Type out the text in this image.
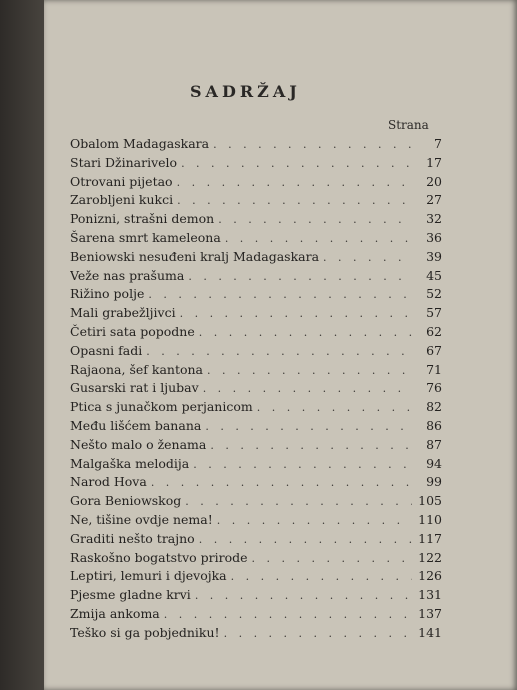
SADRŽAJ
Strana
Obalom Madagaskara . . .	7
Stari Džinarivelo . . .	17
Otrovani pijetao . . .	20
Zarobljeni kukci . . .	27
Ponizni, strašni demon . . .	32
Šarena smrt kameleona . . .	36
Beniowski nesuđeni kralj Madagaskara . . .	39
Veže nas prašuma . . .	45
Rižino polje . . .	52
Mali grabežljivci . . .	57
Četiri sata popodne . . .	62
Opasni fadi . . .	67
Rajaona, šef kantona . . .	71
Gusarski rat i ljubav . . .	76
Ptica s junačkom perjanicom . . .	82
Među lišćem banana . . .	86
Nešto malo o ženama . . .	87
Malgaška melodija . . .	94
Narod Hova . . .	99
Gora Beniowskog . . .	105
Ne, tišine ovdje nema! . . .	110
Graditi nešto trajno . . .	117
Raskošno bogatstvo prirode . . .	122
Leptiri, lemuri i djevojka . . .	126
Pjesme gladne krvi . . .	131
Zmija ankoma . . .	137
Teško si ga pobjedniku! . . .	141
